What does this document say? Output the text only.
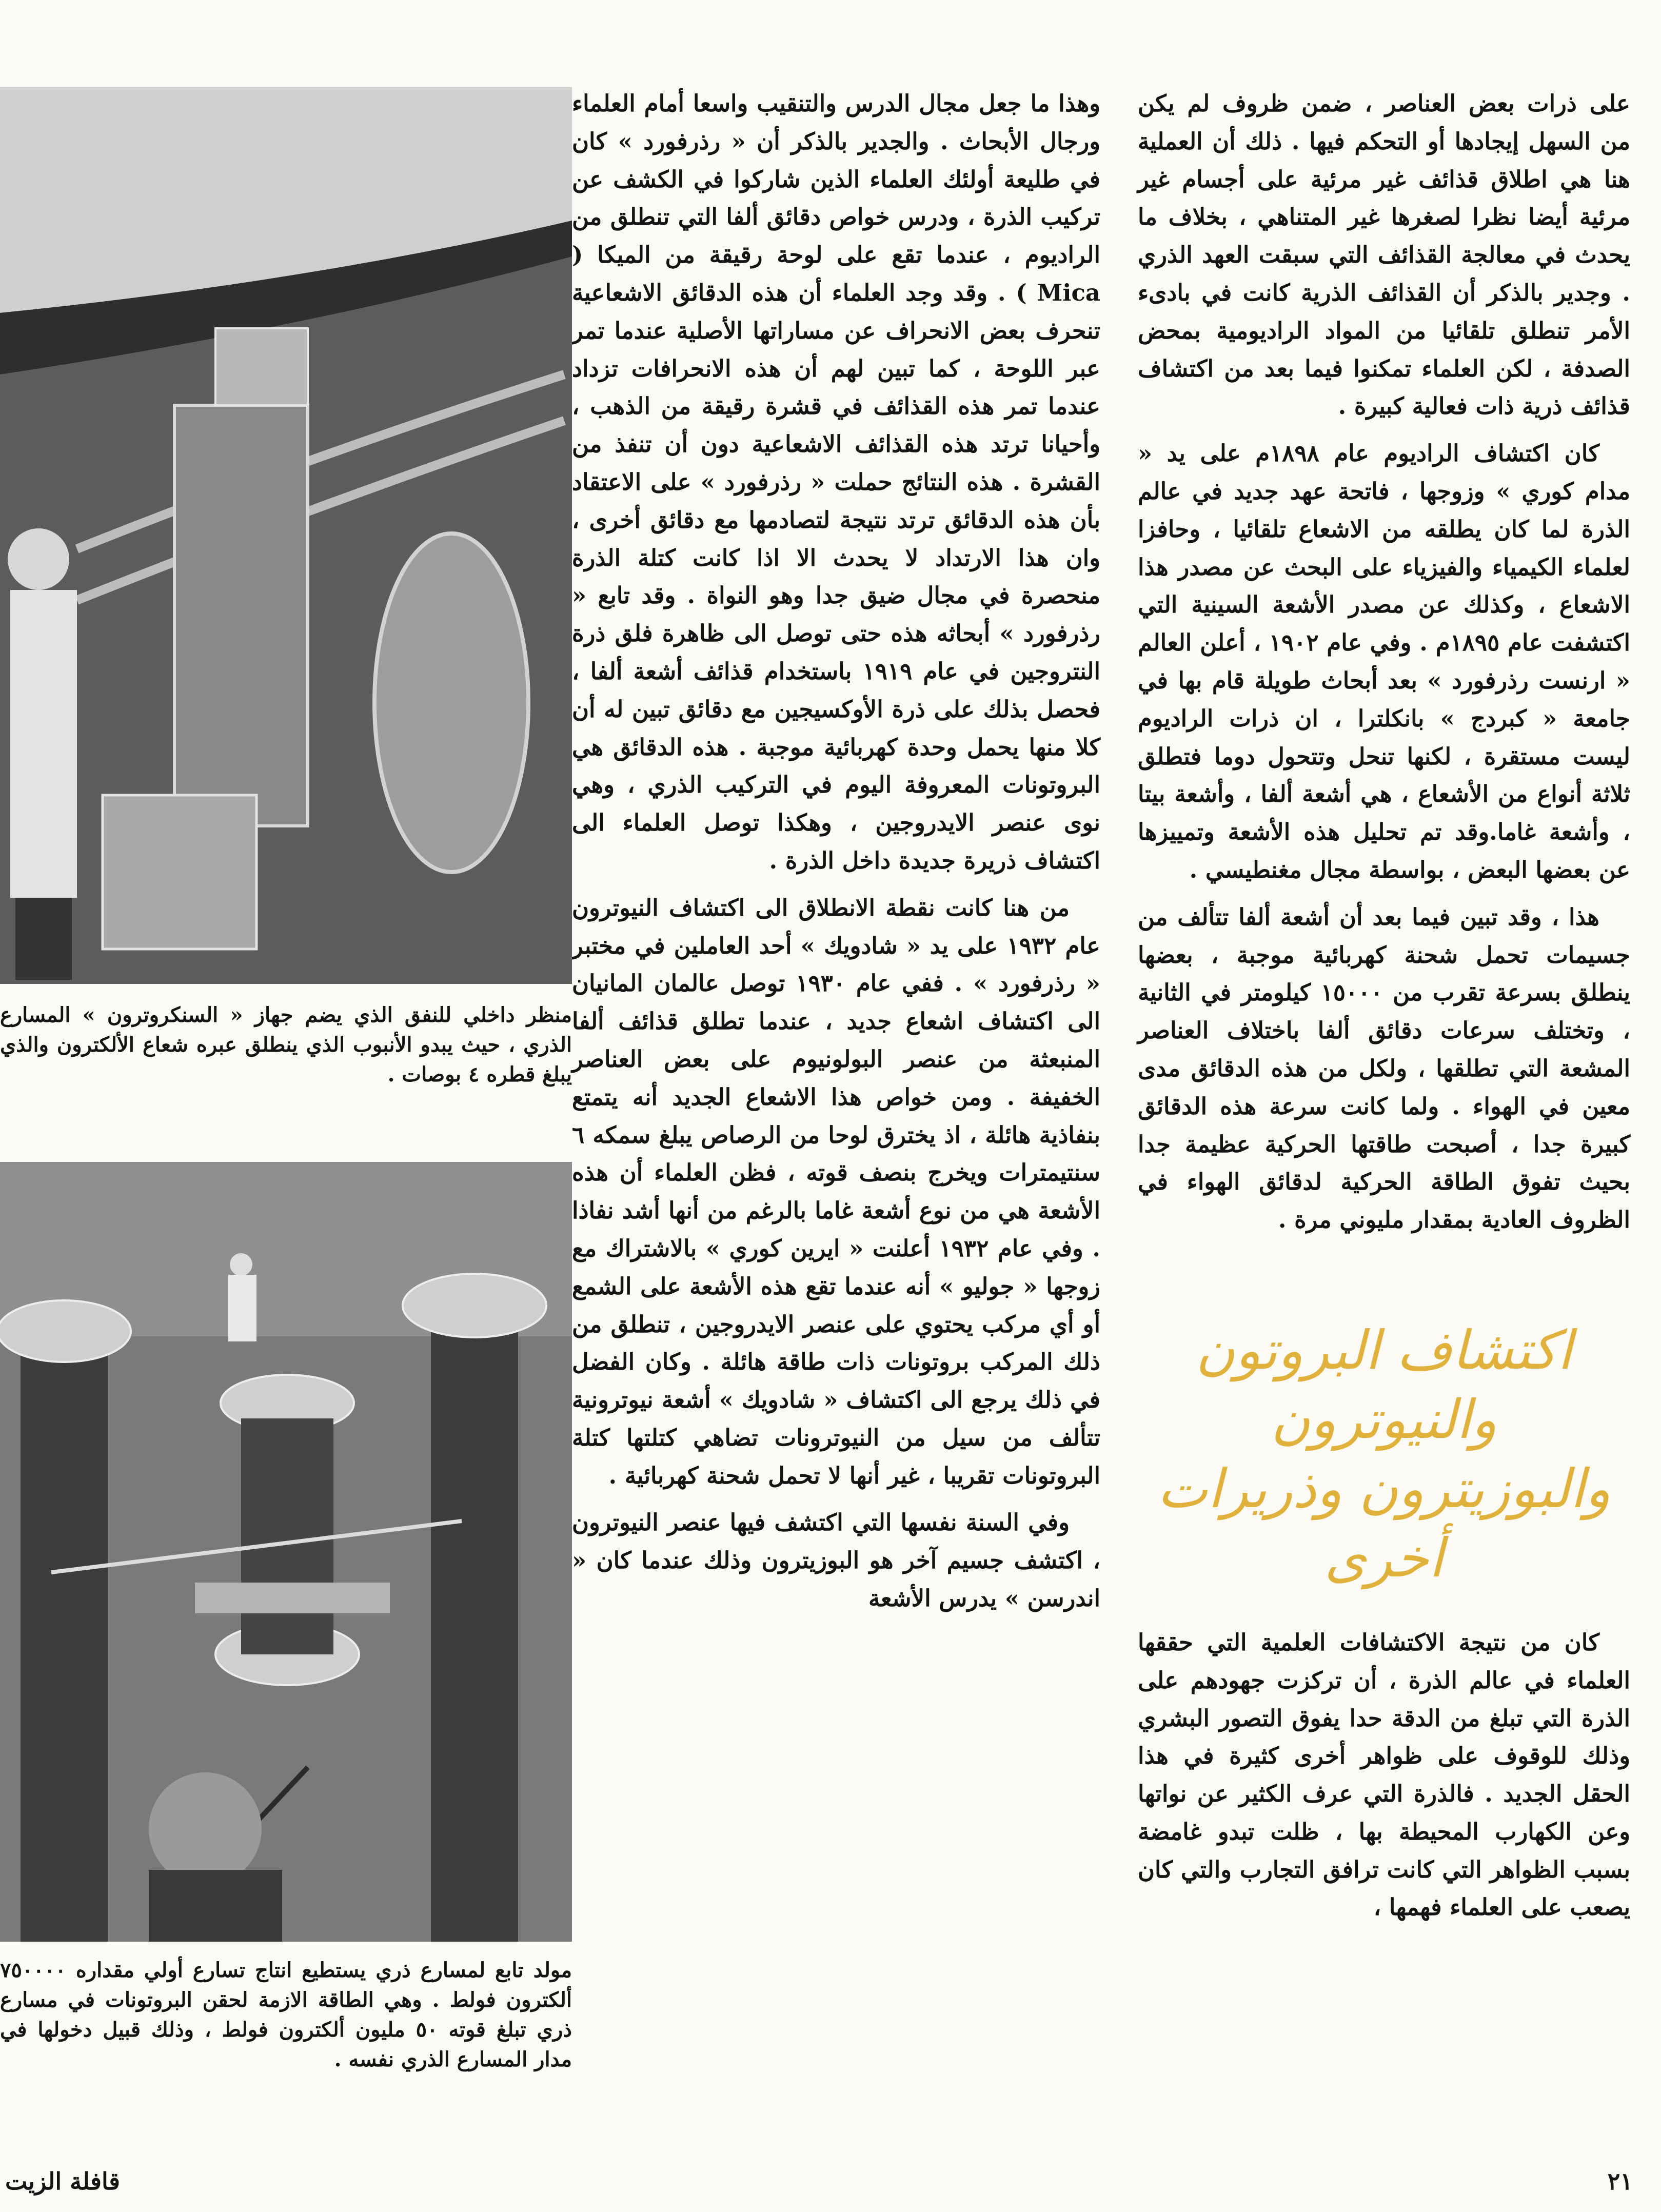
على ذرات بعض العناصر ، ضمن ظروف لم يكن من السهل إيجادها أو التحكم فيها . ذلك أن العملية هنا هي اطلاق قذائف غير مرئية على أجسام غير مرئية أيضا نظرا لصغرها غير المتناهي ، بخلاف ما يحدث في معالجة القذائف التي سبقت العهد الذري . وجدير بالذكر أن القذائف الذرية كانت في بادىء الأمر تنطلق تلقائيا من المواد الراديومية بمحض الصدفة ، لكن العلماء تمكنوا فيما بعد من اكتشاف قذائف ذرية ذات فعالية كبيرة .

كان اكتشاف الراديوم عام ١٨٩٨م على يد « مدام كوري » وزوجها ، فاتحة عهد جديد في عالم الذرة لما كان يطلقه من الاشعاع تلقائيا ، وحافزا لعلماء الكيمياء والفيزياء على البحث عن مصدر هذا الاشعاع ، وكذلك عن مصدر الأشعة السينية التي اكتشفت عام ١٨٩٥م . وفي عام ١٩٠٢ ، أعلن العالم « ارنست رذرفورد » بعد أبحاث طويلة قام بها في جامعة « كبردج » بانكلترا ، ان ذرات الراديوم ليست مستقرة ، لكنها تنحل وتتحول دوما فتطلق ثلاثة أنواع من الأشعاع ، هي أشعة ألفا ، وأشعة بيتا ، وأشعة غاما.وقد تم تحليل هذه الأشعة وتمييزها عن بعضها البعض ، بواسطة مجال مغنطيسي .

هذا ، وقد تبين فيما بعد أن أشعة ألفا تتألف من جسيمات تحمل شحنة كهربائية موجبة ، بعضها ينطلق بسرعة تقرب من ١٥٠٠٠ كيلومتر في الثانية ، وتختلف سرعات دقائق ألفا باختلاف العناصر المشعة التي تطلقها ، ولكل من هذه الدقائق مدى معين في الهواء . ولما كانت سرعة هذه الدقائق كبيرة جدا ، أصبحت طاقتها الحركية عظيمة جدا بحيث تفوق الطاقة الحركية لدقائق الهواء في الظروف العادية بمقدار مليوني مرة .

اكتشاف البروتون والنيوترون والبوزيترون وذريرات أخرى

كان من نتيجة الاكتشافات العلمية التي حققها العلماء في عالم الذرة ، أن تركزت جهودهم على الذرة التي تبلغ من الدقة حدا يفوق التصور البشري وذلك للوقوف على ظواهر أخرى كثيرة في هذا الحقل الجديد . فالذرة التي عرف الكثير عن نواتها وعن الكهارب المحيطة بها ، ظلت تبدو غامضة بسبب الظواهر التي كانت ترافق التجارب والتي كان يصعب على العلماء فهمها ،

وهذا ما جعل مجال الدرس والتنقيب واسعا أمام العلماء ورجال الأبحاث . والجدير بالذكر أن « رذرفورد » كان في طليعة أولئك العلماء الذين شاركوا في الكشف عن تركيب الذرة ، ودرس خواص دقائق ألفا التي تنطلق من الراديوم ، عندما تقع على لوحة رقيقة من الميكا ( Mica ) . وقد وجد العلماء أن هذه الدقائق الاشعاعية تنحرف بعض الانحراف عن مساراتها الأصلية عندما تمر عبر اللوحة ، كما تبين لهم أن هذه الانحرافات تزداد عندما تمر هذه القذائف في قشرة رقيقة من الذهب ، وأحيانا ترتد هذه القذائف الاشعاعية دون أن تنفذ من القشرة . هذه النتائج حملت « رذرفورد » على الاعتقاد بأن هذه الدقائق ترتد نتيجة لتصادمها مع دقائق أخرى ، وان هذا الارتداد لا يحدث الا اذا كانت كتلة الذرة منحصرة في مجال ضيق جدا وهو النواة . وقد تابع « رذرفورد » أبحاثه هذه حتى توصل الى ظاهرة فلق ذرة النتروجين في عام ١٩١٩ باستخدام قذائف أشعة ألفا ، فحصل بذلك على ذرة الأوكسيجين مع دقائق تبين له أن كلا منها يحمل وحدة كهربائية موجبة . هذه الدقائق هي البروتونات المعروفة اليوم في التركيب الذري ، وهي نوى عنصر الايدروجين ، وهكذا توصل العلماء الى اكتشاف ذريرة جديدة داخل الذرة .

من هنا كانت نقطة الانطلاق الى اكتشاف النيوترون عام ١٩٣٢ على يد « شادويك » أحد العاملين في مختبر « رذرفورد » . ففي عام ١٩٣٠ توصل عالمان المانيان الى اكتشاف اشعاع جديد ، عندما تطلق قذائف ألفا المنبعثة من عنصر البولونيوم على بعض العناصر الخفيفة . ومن خواص هذا الاشعاع الجديد أنه يتمتع بنفاذية هائلة ، اذ يخترق لوحا من الرصاص يبلغ سمكه ٦ سنتيمترات ويخرج بنصف قوته ، فظن العلماء أن هذه الأشعة هي من نوع أشعة غاما بالرغم من أنها أشد نفاذا . وفي عام ١٩٣٢ أعلنت « ايرين كوري » بالاشتراك مع زوجها « جوليو » أنه عندما تقع هذه الأشعة على الشمع أو أي مركب يحتوي على عنصر الايدروجين ، تنطلق من ذلك المركب بروتونات ذات طاقة هائلة . وكان الفضل في ذلك يرجع الى اكتشاف « شادويك » أشعة نيوترونية تتألف من سيل من النيوترونات تضاهي كتلتها كتلة البروتونات تقريبا ، غير أنها لا تحمل شحنة كهربائية .

وفي السنة نفسها التي اكتشف فيها عنصر النيوترون ، اكتشف جسيم آخر هو البوزيترون وذلك عندما كان « اندرسن » يدرس الأشعة

منظر داخلي للنفق الذي يضم جهاز « السنكروترون » المسارع الذري ، حيث يبدو الأنبوب الذي ينطلق عبره شعاع الألكترون والذي يبلغ قطره ٤ بوصات .
مولد تابع لمسارع ذري يستطيع انتاج تسارع أولي مقداره ٧٥٠٠٠٠ ألكترون فولط . وهي الطاقة الازمة لحقن البروتونات في مسارع ذري تبلغ قوته ٥٠ مليون ألكترون فولط ، وذلك قبيل دخولها في مدار المسارع الذري نفسه .
٢١
قافلة الزيت
